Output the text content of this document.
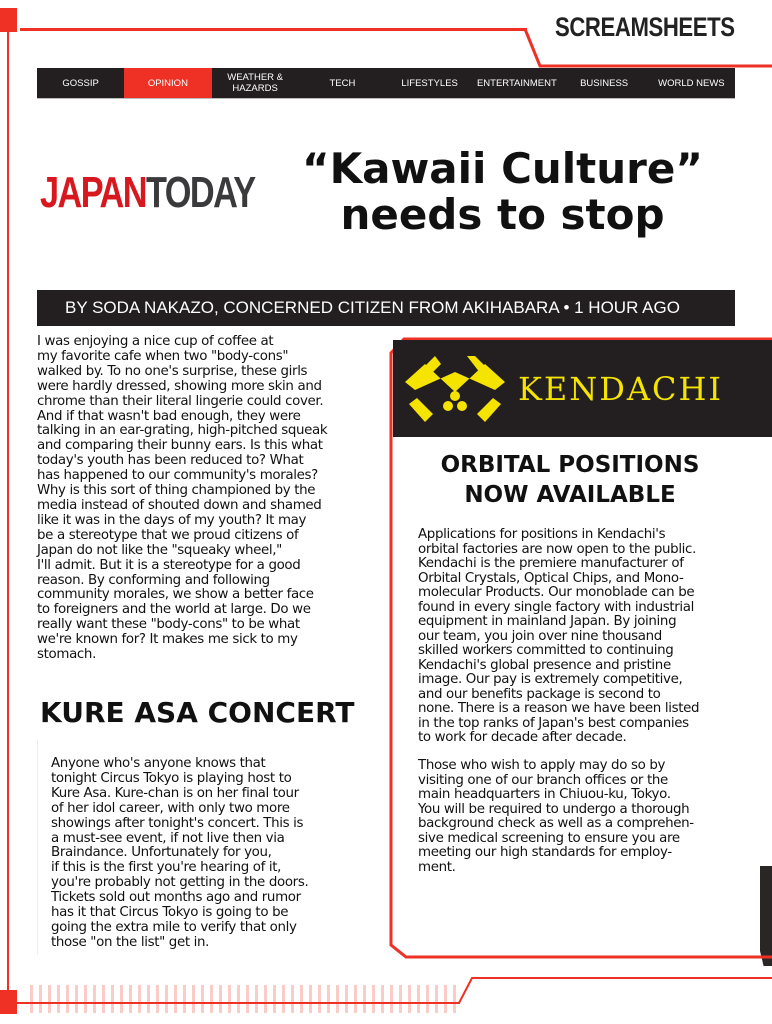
SCREAMSHEETS
GOSSIP	OPINION	WEATHER &
HAZARDS	TECH	LIFESTYLES	ENTERTAINMENT	BUSINESS	WORLD NEWS
JAPANTODAY “Kawaii Culture”
needs to stop
BY SODA NAKAZO, CONCERNED CITIZEN FROM AKIHABARA • 1 HOUR AGO
I was enjoying a nice cup of coffee at
my favorite cafe when two "body-cons"
walked by. To no one's surprise, these girls
were hardly dressed, showing more skin and
chrome than their literal lingerie could cover.
And if that wasn't bad enough, they were
talking in an ear-grating, high-pitched squeak
and comparing their bunny ears. Is this what
today's youth has been reduced to? What
has happened to our community's morales?
Why is this sort of thing championed by the
media instead of shouted down and shamed
like it was in the days of my youth? It may
be a stereotype that we proud citizens of
Japan do not like the "squeaky wheel,"
I'll admit. But it is a stereotype for a good
reason. By conforming and following
community morales, we show a better face
to foreigners and the world at large. Do we
really want these "body-cons" to be what
we're known for? It makes me sick to my
stomach.
KURE ASA CONCERT
Anyone who's anyone knows that
tonight Circus Tokyo is playing host to
Kure Asa. Kure-chan is on her final tour
of her idol career, with only two more
showings after tonight's concert. This is
a must-see event, if not live then via
Braindance. Unfortunately for you,
if this is the first you're hearing of it,
you're probably not getting in the doors.
Tickets sold out months ago and rumor
has it that Circus Tokyo is going to be
going the extra mile to verify that only
those "on the list" get in.
KENDACHI
ORBITAL POSITIONS
NOW AVAILABLE
Applications for positions in Kendachi's
orbital factories are now open to the public.
Kendachi is the premiere manufacturer of
Orbital Crystals, Optical Chips, and Mono-
molecular Products. Our monoblade can be
found in every single factory with industrial
equipment in mainland Japan. By joining
our team, you join over nine thousand
skilled workers committed to continuing
Kendachi's global presence and pristine
image. Our pay is extremely competitive,
and our benefits package is second to
none. There is a reason we have been listed
in the top ranks of Japan's best companies
to work for decade after decade.
Those who wish to apply may do so by
visiting one of our branch offices or the
main headquarters in Chiuou-ku, Tokyo.
You will be required to undergo a thorough
background check as well as a comprehen-
sive medical screening to ensure you are
meeting our high standards for employ-
ment.
